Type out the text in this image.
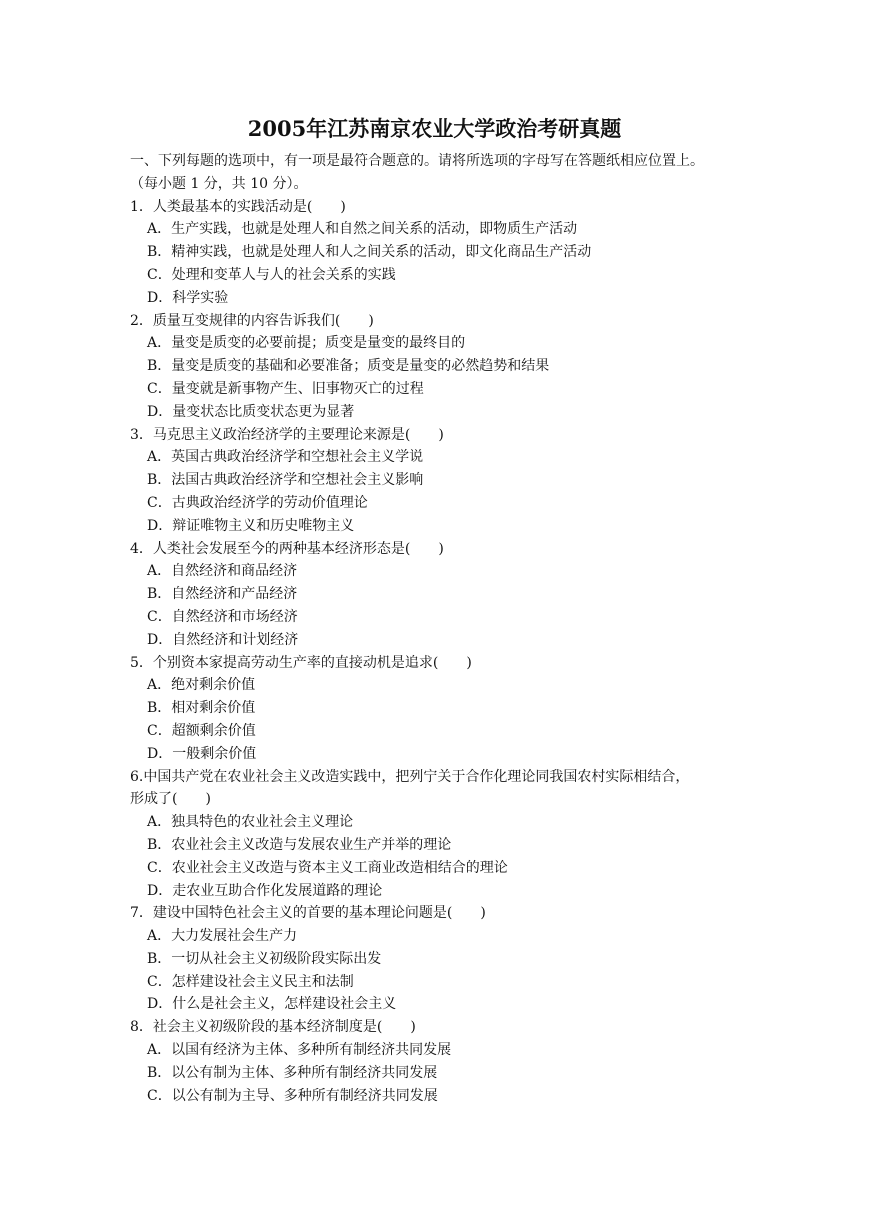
2005年江苏南京农业大学政治考研真题
一、下列每题的选项中，有一项是最符合题意的。请将所选项的字母写在答题纸相应位置上。
（每小题 1 分，共 10 分）。
1．人类最基本的实践活动是(　　)
A．生产实践，也就是处理人和自然之间关系的活动，即物质生产活动
B．精神实践，也就是处理人和人之间关系的活动，即文化商品生产活动
C．处理和变革人与人的社会关系的实践
D．科学实验
2．质量互变规律的内容告诉我们(　　)
A．量变是质变的必要前提；质变是量变的最终目的
B．量变是质变的基础和必要准备；质变是量变的必然趋势和结果
C．量变就是新事物产生、旧事物灭亡的过程
D．量变状态比质变状态更为显著
3．马克思主义政治经济学的主要理论来源是(　　)
A．英国古典政治经济学和空想社会主义学说
B．法国古典政治经济学和空想社会主义影响
C．古典政治经济学的劳动价值理论
D．辩证唯物主义和历史唯物主义
4．人类社会发展至今的两种基本经济形态是(　　)
A．自然经济和商品经济
B．自然经济和产品经济
C．自然经济和市场经济
D．自然经济和计划经济
5．个别资本家提高劳动生产率的直接动机是追求(　　)
A．绝对剩余价值
B．相对剩余价值
C．超额剩余价值
D．一般剩余价值
6.中国共产党在农业社会主义改造实践中，把列宁关于合作化理论同我国农村实际相结合，
形成了(　　)
A．独具特色的农业社会主义理论
B．农业社会主义改造与发展农业生产并举的理论
C．农业社会主义改造与资本主义工商业改造相结合的理论
D．走农业互助合作化发展道路的理论
7．建设中国特色社会主义的首要的基本理论问题是(　　)
A．大力发展社会生产力
B．一切从社会主义初级阶段实际出发
C．怎样建设社会主义民主和法制
D．什么是社会主义，怎样建设社会主义
8．社会主义初级阶段的基本经济制度是(　　)
A．以国有经济为主体、多种所有制经济共同发展
B．以公有制为主体、多种所有制经济共同发展
C．以公有制为主导、多种所有制经济共同发展
